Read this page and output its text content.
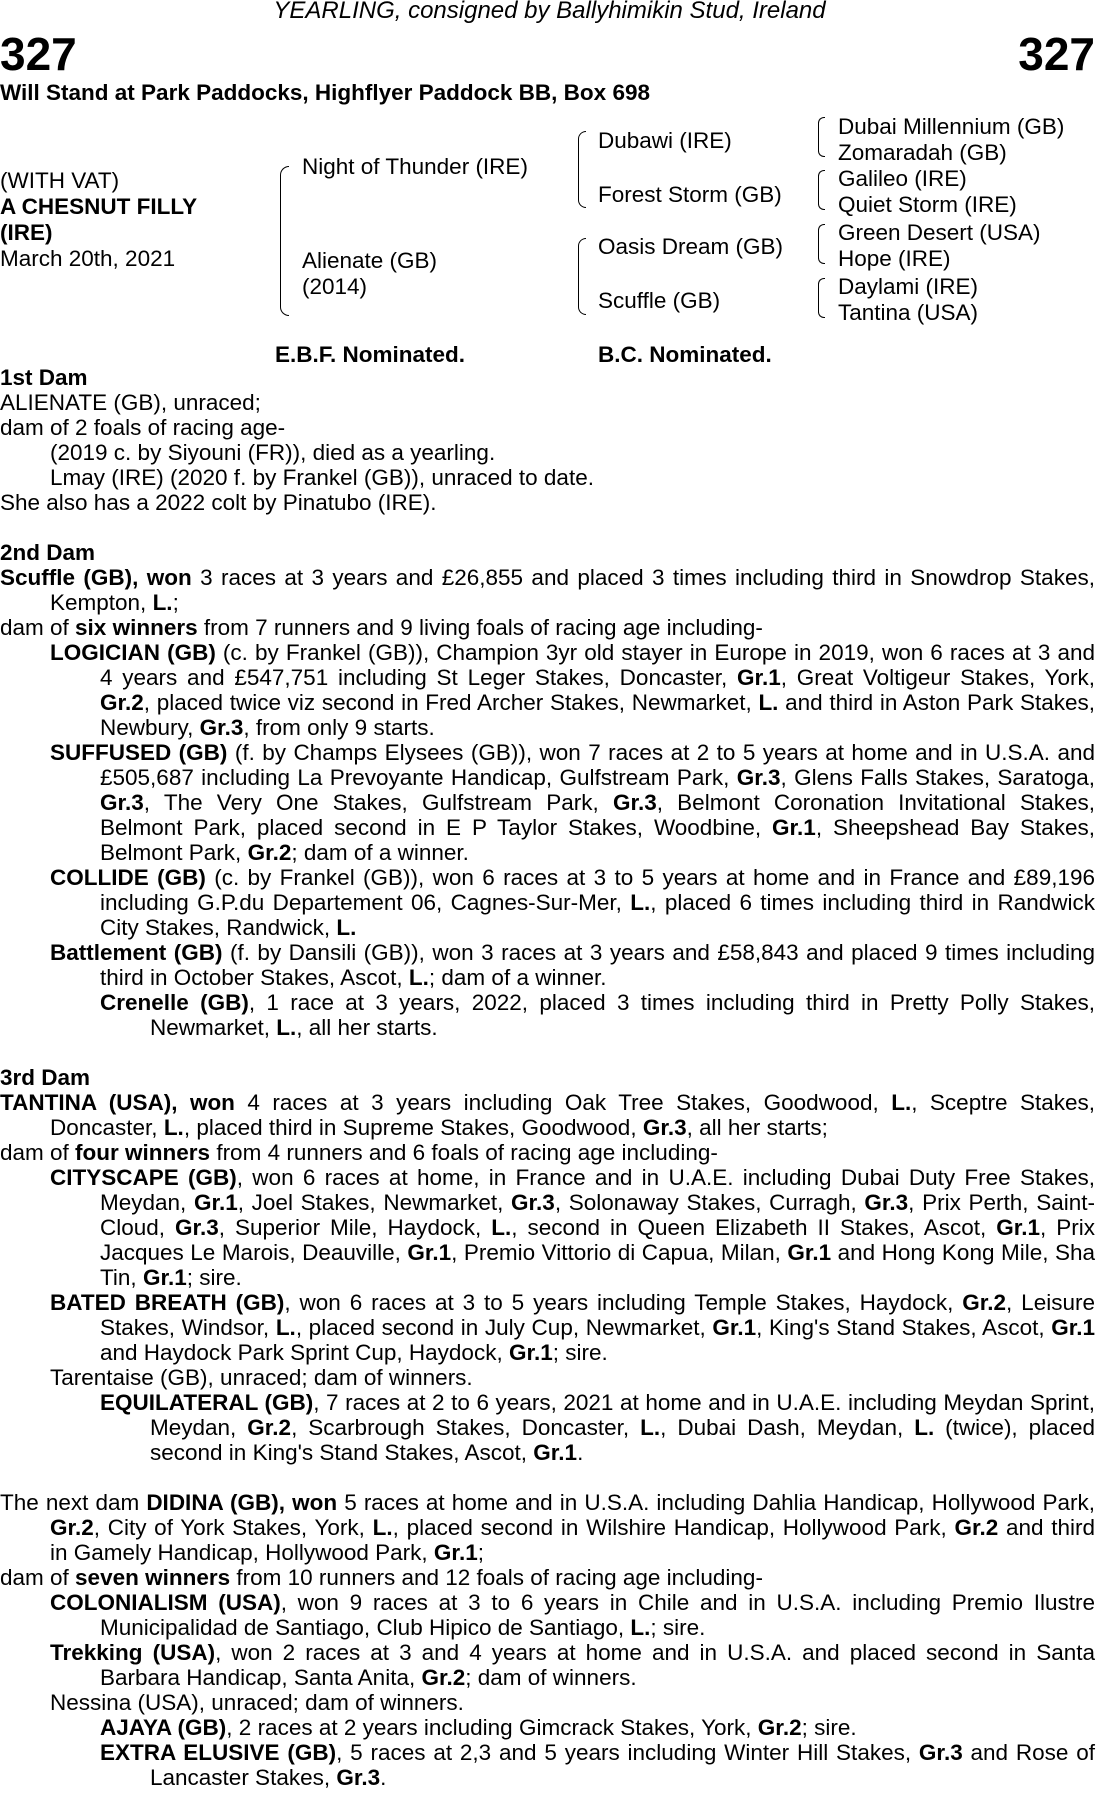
YEARLING, consigned by Ballyhimikin Stud, Ireland
327	327
Will Stand at Park Paddocks, Highflyer Paddock BB, Box 698
(WITH VAT)
A CHESNUT FILLY
(IRE)
March 20th, 2021
Night of Thunder (IRE)
Alienate (GB)
(2014)
Dubawi (IRE)
Forest Storm (GB)
Oasis Dream (GB)
Scuffle (GB)
Dubai Millennium (GB)
Zomaradah (GB)
Galileo (IRE)
Quiet Storm (IRE)
Green Desert (USA)
Hope (IRE)
Daylami (IRE)
Tantina (USA)
E.B.F. Nominated.	B.C. Nominated.

1st Dam

ALIENATE (GB), unraced;

dam of 2 foals of racing age-

(2019 c. by Siyouni (FR)), died as a yearling.

Lmay (IRE) (2020 f. by Frankel (GB)), unraced to date.

She also has a 2022 colt by Pinatubo (IRE).

2nd Dam

Scuffle (GB), won 3 races at 3 years and £26,855 and placed 3 times including third in Snowdrop Stakes, Kempton, L.;

dam of six winners from 7 runners and 9 living foals of racing age including-

LOGICIAN (GB) (c. by Frankel (GB)), Champion 3yr old stayer in Europe in 2019, won 6 races at 3 and 4 years and £547,751 including St Leger Stakes, Doncaster, Gr.1, Great Voltigeur Stakes, York, Gr.2, placed twice viz second in Fred Archer Stakes, Newmarket, L. and third in Aston Park Stakes, Newbury, Gr.3, from only 9 starts.

SUFFUSED (GB) (f. by Champs Elysees (GB)), won 7 races at 2 to 5 years at home and in U.S.A. and £505,687 including La Prevoyante Handicap, Gulfstream Park, Gr.3, Glens Falls Stakes, Saratoga, Gr.3, The Very One Stakes, Gulfstream Park, Gr.3, Belmont Coronation Invitational Stakes, Belmont Park, placed second in E P Taylor Stakes, Woodbine, Gr.1, Sheepshead Bay Stakes, Belmont Park, Gr.2; dam of a winner.

COLLIDE (GB) (c. by Frankel (GB)), won 6 races at 3 to 5 years at home and in France and £89,196 including G.P.du Departement 06, Cagnes-Sur-Mer, L., placed 6 times including third in Randwick City Stakes, Randwick, L.

Battlement (GB) (f. by Dansili (GB)), won 3 races at 3 years and £58,843 and placed 9 times including third in October Stakes, Ascot, L.; dam of a winner.

Crenelle (GB), 1 race at 3 years, 2022, placed 3 times including third in Pretty Polly Stakes, Newmarket, L., all her starts.

3rd Dam

TANTINA (USA), won 4 races at 3 years including Oak Tree Stakes, Goodwood, L., Sceptre Stakes, Doncaster, L., placed third in Supreme Stakes, Goodwood, Gr.3, all her starts;

dam of four winners from 4 runners and 6 foals of racing age including-

CITYSCAPE (GB), won 6 races at home, in France and in U.A.E. including Dubai Duty Free Stakes, Meydan, Gr.1, Joel Stakes, Newmarket, Gr.3, Solonaway Stakes, Curragh, Gr.3, Prix Perth, Saint-Cloud, Gr.3, Superior Mile, Haydock, L., second in Queen Elizabeth II Stakes, Ascot, Gr.1, Prix Jacques Le Marois, Deauville, Gr.1, Premio Vittorio di Capua, Milan, Gr.1 and Hong Kong Mile, Sha Tin, Gr.1; sire.

BATED BREATH (GB), won 6 races at 3 to 5 years including Temple Stakes, Haydock, Gr.2, Leisure Stakes, Windsor, L., placed second in July Cup, Newmarket, Gr.1, King's Stand Stakes, Ascot, Gr.1 and Haydock Park Sprint Cup, Haydock, Gr.1; sire.

Tarentaise (GB), unraced; dam of winners.

EQUILATERAL (GB), 7 races at 2 to 6 years, 2021 at home and in U.A.E. including Meydan Sprint, Meydan, Gr.2, Scarbrough Stakes, Doncaster, L., Dubai Dash, Meydan, L. (twice), placed second in King's Stand Stakes, Ascot, Gr.1.

The next dam DIDINA (GB), won 5 races at home and in U.S.A. including Dahlia Handicap, Hollywood Park, Gr.2, City of York Stakes, York, L., placed second in Wilshire Handicap, Hollywood Park, Gr.2 and third in Gamely Handicap, Hollywood Park, Gr.1;

dam of seven winners from 10 runners and 12 foals of racing age including-

COLONIALISM (USA), won 9 races at 3 to 6 years in Chile and in U.S.A. including Premio Ilustre Municipalidad de Santiago, Club Hipico de Santiago, L.; sire.

Trekking (USA), won 2 races at 3 and 4 years at home and in U.S.A. and placed second in Santa Barbara Handicap, Santa Anita, Gr.2; dam of winners.

Nessina (USA), unraced; dam of winners.

AJAYA (GB), 2 races at 2 years including Gimcrack Stakes, York, Gr.2; sire.

EXTRA ELUSIVE (GB), 5 races at 2,3 and 5 years including Winter Hill Stakes, Gr.3 and Rose of Lancaster Stakes, Gr.3.
